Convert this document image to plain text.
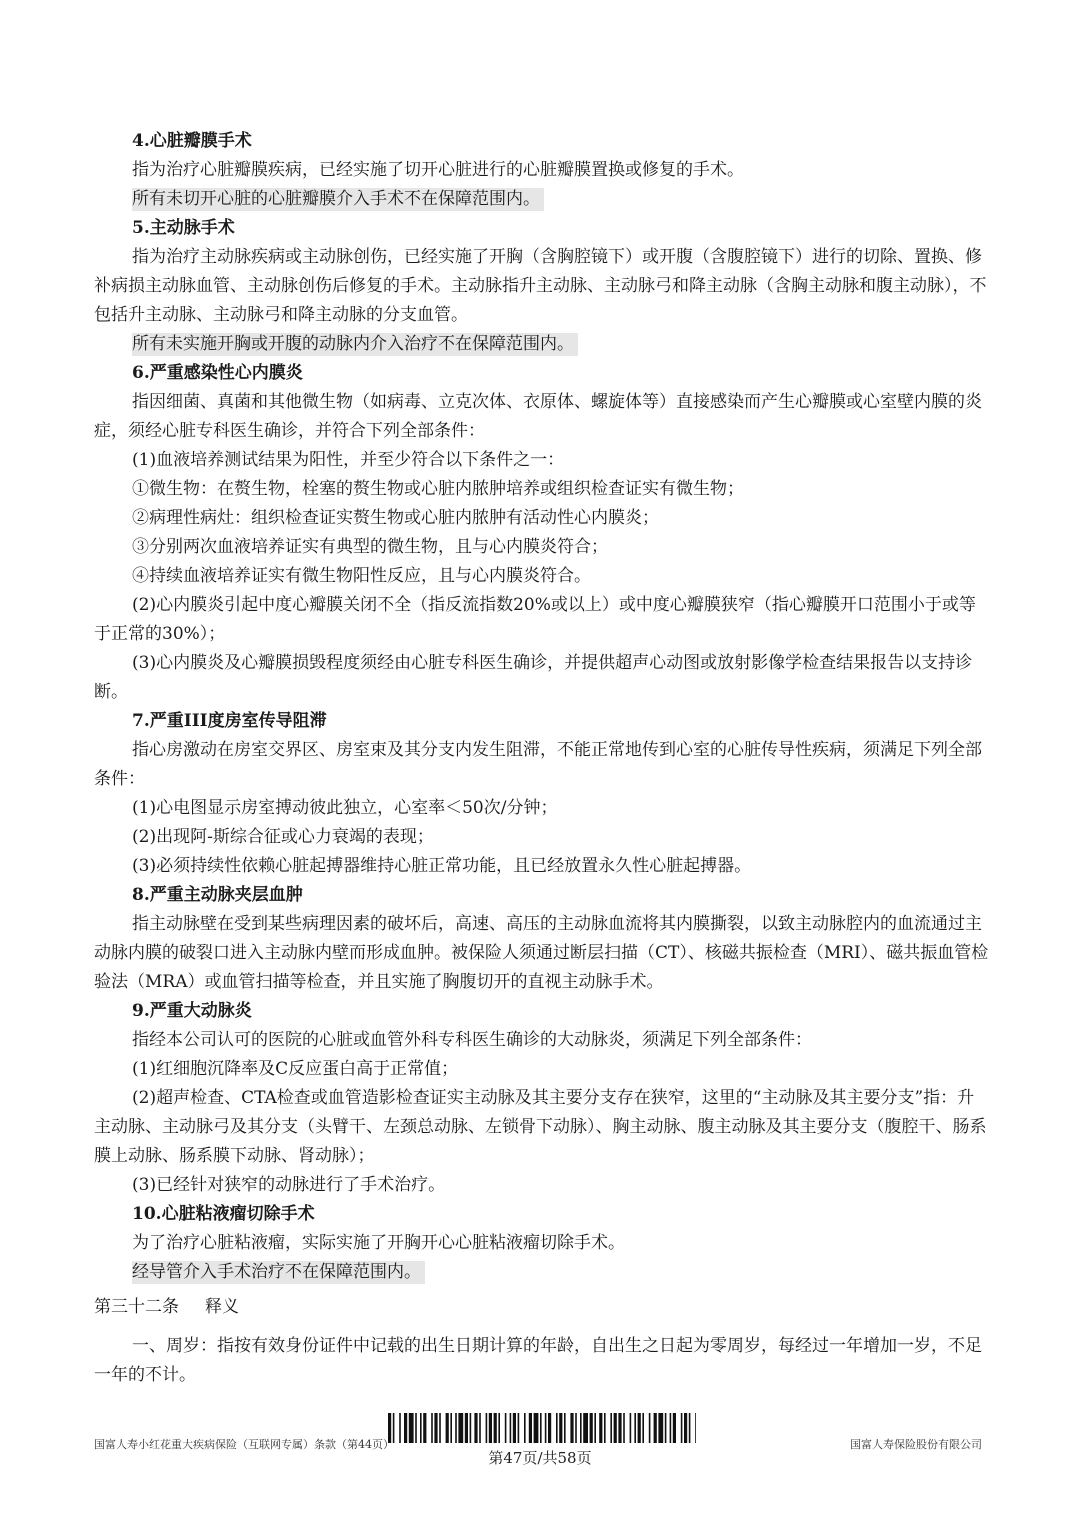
4.心脏瓣膜手术

指为治疗心脏瓣膜疾病，已经实施了切开心脏进行的心脏瓣膜置换或修复的手术。

所有未切开心脏的心脏瓣膜介入手术不在保障范围内。

5.主动脉手术

指为治疗主动脉疾病或主动脉创伤，已经实施了开胸（含胸腔镜下）或开腹（含腹腔镜下）进行的切除、置换、修补病损主动脉血管、主动脉创伤后修复的手术。主动脉指升主动脉、主动脉弓和降主动脉（含胸主动脉和腹主动脉），不包括升主动脉、主动脉弓和降主动脉的分支血管。

所有未实施开胸或开腹的动脉内介入治疗不在保障范围内。

6.严重感染性心内膜炎

指因细菌、真菌和其他微生物（如病毒、立克次体、衣原体、螺旋体等）直接感染而产生心瓣膜或心室壁内膜的炎症，须经心脏专科医生确诊，并符合下列全部条件：

(1)血液培养测试结果为阳性，并至少符合以下条件之一：

①微生物：在赘生物，栓塞的赘生物或心脏内脓肿培养或组织检查证实有微生物；

②病理性病灶：组织检查证实赘生物或心脏内脓肿有活动性心内膜炎；

③分别两次血液培养证实有典型的微生物，且与心内膜炎符合；

④持续血液培养证实有微生物阳性反应，且与心内膜炎符合。

(2)心内膜炎引起中度心瓣膜关闭不全（指反流指数20%或以上）或中度心瓣膜狭窄（指心瓣膜开口范围小于或等于正常的30%）；

(3)心内膜炎及心瓣膜损毁程度须经由心脏专科医生确诊，并提供超声心动图或放射影像学检查结果报告以支持诊断。

7.严重III度房室传导阻滞

指心房激动在房室交界区、房室束及其分支内发生阻滞，不能正常地传到心室的心脏传导性疾病，须满足下列全部条件：

(1)心电图显示房室搏动彼此独立，心室率＜50次/分钟；

(2)出现阿-斯综合征或心力衰竭的表现；

(3)必须持续性依赖心脏起搏器维持心脏正常功能，且已经放置永久性心脏起搏器。

8.严重主动脉夹层血肿

指主动脉壁在受到某些病理因素的破坏后，高速、高压的主动脉血流将其内膜撕裂，以致主动脉腔内的血流通过主动脉内膜的破裂口进入主动脉内壁而形成血肿。被保险人须通过断层扫描（CT）、核磁共振检查（MRI）、磁共振血管检验法（MRA）或血管扫描等检查，并且实施了胸腹切开的直视主动脉手术。

9.严重大动脉炎

指经本公司认可的医院的心脏或血管外科专科医生确诊的大动脉炎，须满足下列全部条件：

(1)红细胞沉降率及C反应蛋白高于正常值；

(2)超声检查、CTA检查或血管造影检查证实主动脉及其主要分支存在狭窄，这里的“主动脉及其主要分支”指：升主动脉、主动脉弓及其分支（头臂干、左颈总动脉、左锁骨下动脉）、胸主动脉、腹主动脉及其主要分支（腹腔干、肠系膜上动脉、肠系膜下动脉、肾动脉）；

(3)已经针对狭窄的动脉进行了手术治疗。

10.心脏粘液瘤切除手术

为了治疗心脏粘液瘤，实际实施了开胸开心心脏粘液瘤切除手术。

经导管介入手术治疗不在保障范围内。

第三十二条 释义

一、周岁：指按有效身份证件中记载的出生日期计算的年龄，自出生之日起为零周岁，每经过一年增加一岁，不足一年的不计。

国富人寿小红花重大疾病保险（互联网专属）条款（第44页）	国富人寿保险股份有限公司
第47页/共58页
